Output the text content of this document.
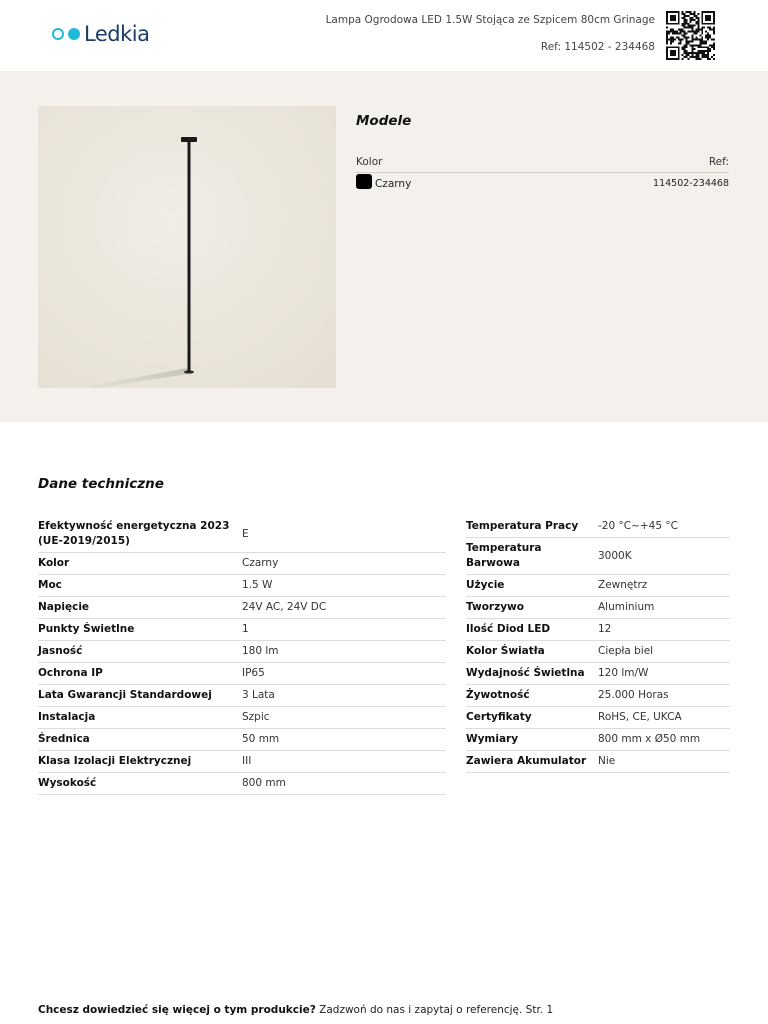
Ledkia
Lampa Ogrodowa LED 1.5W Stojąca ze Szpicem 80cm Grinage
Ref: 114502 - 234468
Modele
Kolor	Ref:
Czarny	114502-234468
Dane techniczne
Efektywność energetyczna 2023 (UE-2019/2015)	E
Kolor	Czarny
Moc	1.5 W
Napięcie	24V AC, 24V DC
Punkty Świetlne	1
Jasność	180 lm
Ochrona IP	IP65
Lata Gwarancji Standardowej	3 Lata
Instalacja	Szpic
Średnica	50 mm
Klasa Izolacji Elektrycznej	III
Wysokość	800 mm
Temperatura Pracy	-20 °C~+45 °C
Temperatura Barwowa	3000K
Użycie	Zewnętrz
Tworzywo	Aluminium
Ilość Diod LED	12
Kolor Światła	Ciepła biel
Wydajność Świetlna	120 lm/W
Żywotność	25.000 Horas
Certyfikaty	RoHS, CE, UKCA
Wymiary	800 mm x Ø50 mm
Zawiera Akumulator	Nie
Chcesz dowiedzieć się więcej o tym produkcie? Zadzwoń do nas i zapytaj o referencję. Str. 1
